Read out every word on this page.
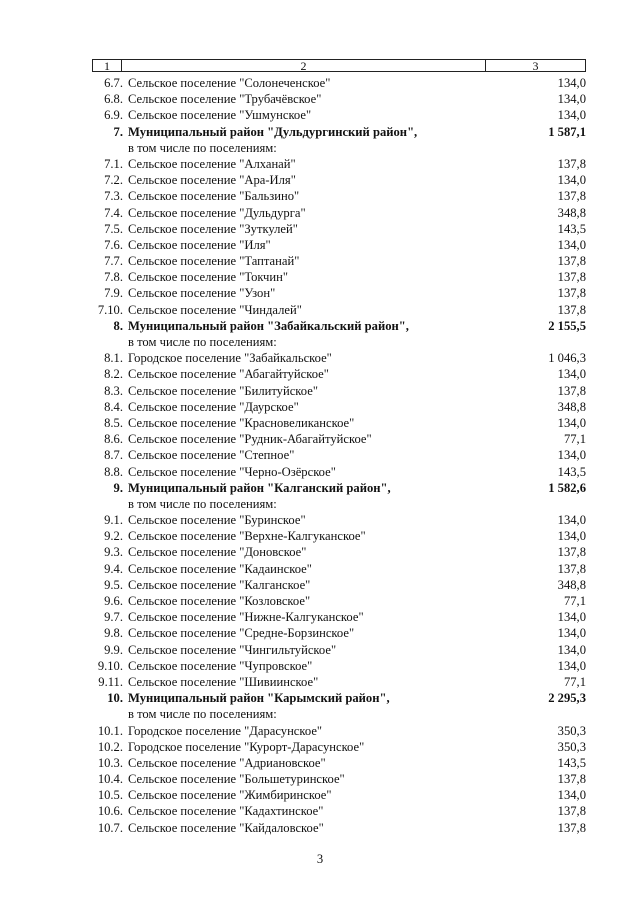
1	2	3
6.7. Сельское поселение "Солонеченское"	134,0
6.8. Сельское поселение "Трубачёвское"	134,0
6.9. Сельское поселение "Ушмунское"	134,0
7. Муниципальный район "Дульдургинский район",	1 587,1
в том числе по поселениям:
7.1. Сельское поселение "Алханай"	137,8
7.2. Сельское поселение "Ара-Иля"	134,0
7.3. Сельское поселение "Бальзино"	137,8
7.4. Сельское поселение "Дульдурга"	348,8
7.5. Сельское поселение "Зуткулей"	143,5
7.6. Сельское поселение "Иля"	134,0
7.7. Сельское поселение "Таптанай"	137,8
7.8. Сельское поселение "Токчин"	137,8
7.9. Сельское поселение "Узон"	137,8
7.10. Сельское поселение "Чиндалей"	137,8
8. Муниципальный район "Забайкальский район",	2 155,5
в том числе по поселениям:
8.1. Городское поселение "Забайкальское"	1 046,3
8.2. Сельское поселение "Абагайтуйское"	134,0
8.3. Сельское поселение "Билитуйское"	137,8
8.4. Сельское поселение "Даурское"	348,8
8.5. Сельское поселение "Красновеликанское"	134,0
8.6. Сельское поселение "Рудник-Абагайтуйское"	77,1
8.7. Сельское поселение "Степное"	134,0
8.8. Сельское поселение "Черно-Озёрское"	143,5
9. Муниципальный район "Калганский район",	1 582,6
в том числе по поселениям:
9.1. Сельское поселение "Буринское"	134,0
9.2. Сельское поселение "Верхне-Калгуканское"	134,0
9.3. Сельское поселение "Доновское"	137,8
9.4. Сельское поселение "Кадаинское"	137,8
9.5. Сельское поселение "Калганское"	348,8
9.6. Сельское поселение "Козловское"	77,1
9.7. Сельское поселение "Нижне-Калгуканское"	134,0
9.8. Сельское поселение "Средне-Борзинское"	134,0
9.9. Сельское поселение "Чингильтуйское"	134,0
9.10. Сельское поселение "Чупровское"	134,0
9.11. Сельское поселение "Шивиинское"	77,1
10. Муниципальный район "Карымский район",	2 295,3
в том числе по поселениям:
10.1. Городское поселение "Дарасунское"	350,3
10.2. Городское поселение "Курорт-Дарасунское"	350,3
10.3. Сельское поселение "Адриановское"	143,5
10.4. Сельское поселение "Большетуринское"	137,8
10.5. Сельское поселение "Жимбиринское"	134,0
10.6. Сельское поселение "Кадахтинское"	137,8
10.7. Сельское поселение "Кайдаловское"	137,8
3
